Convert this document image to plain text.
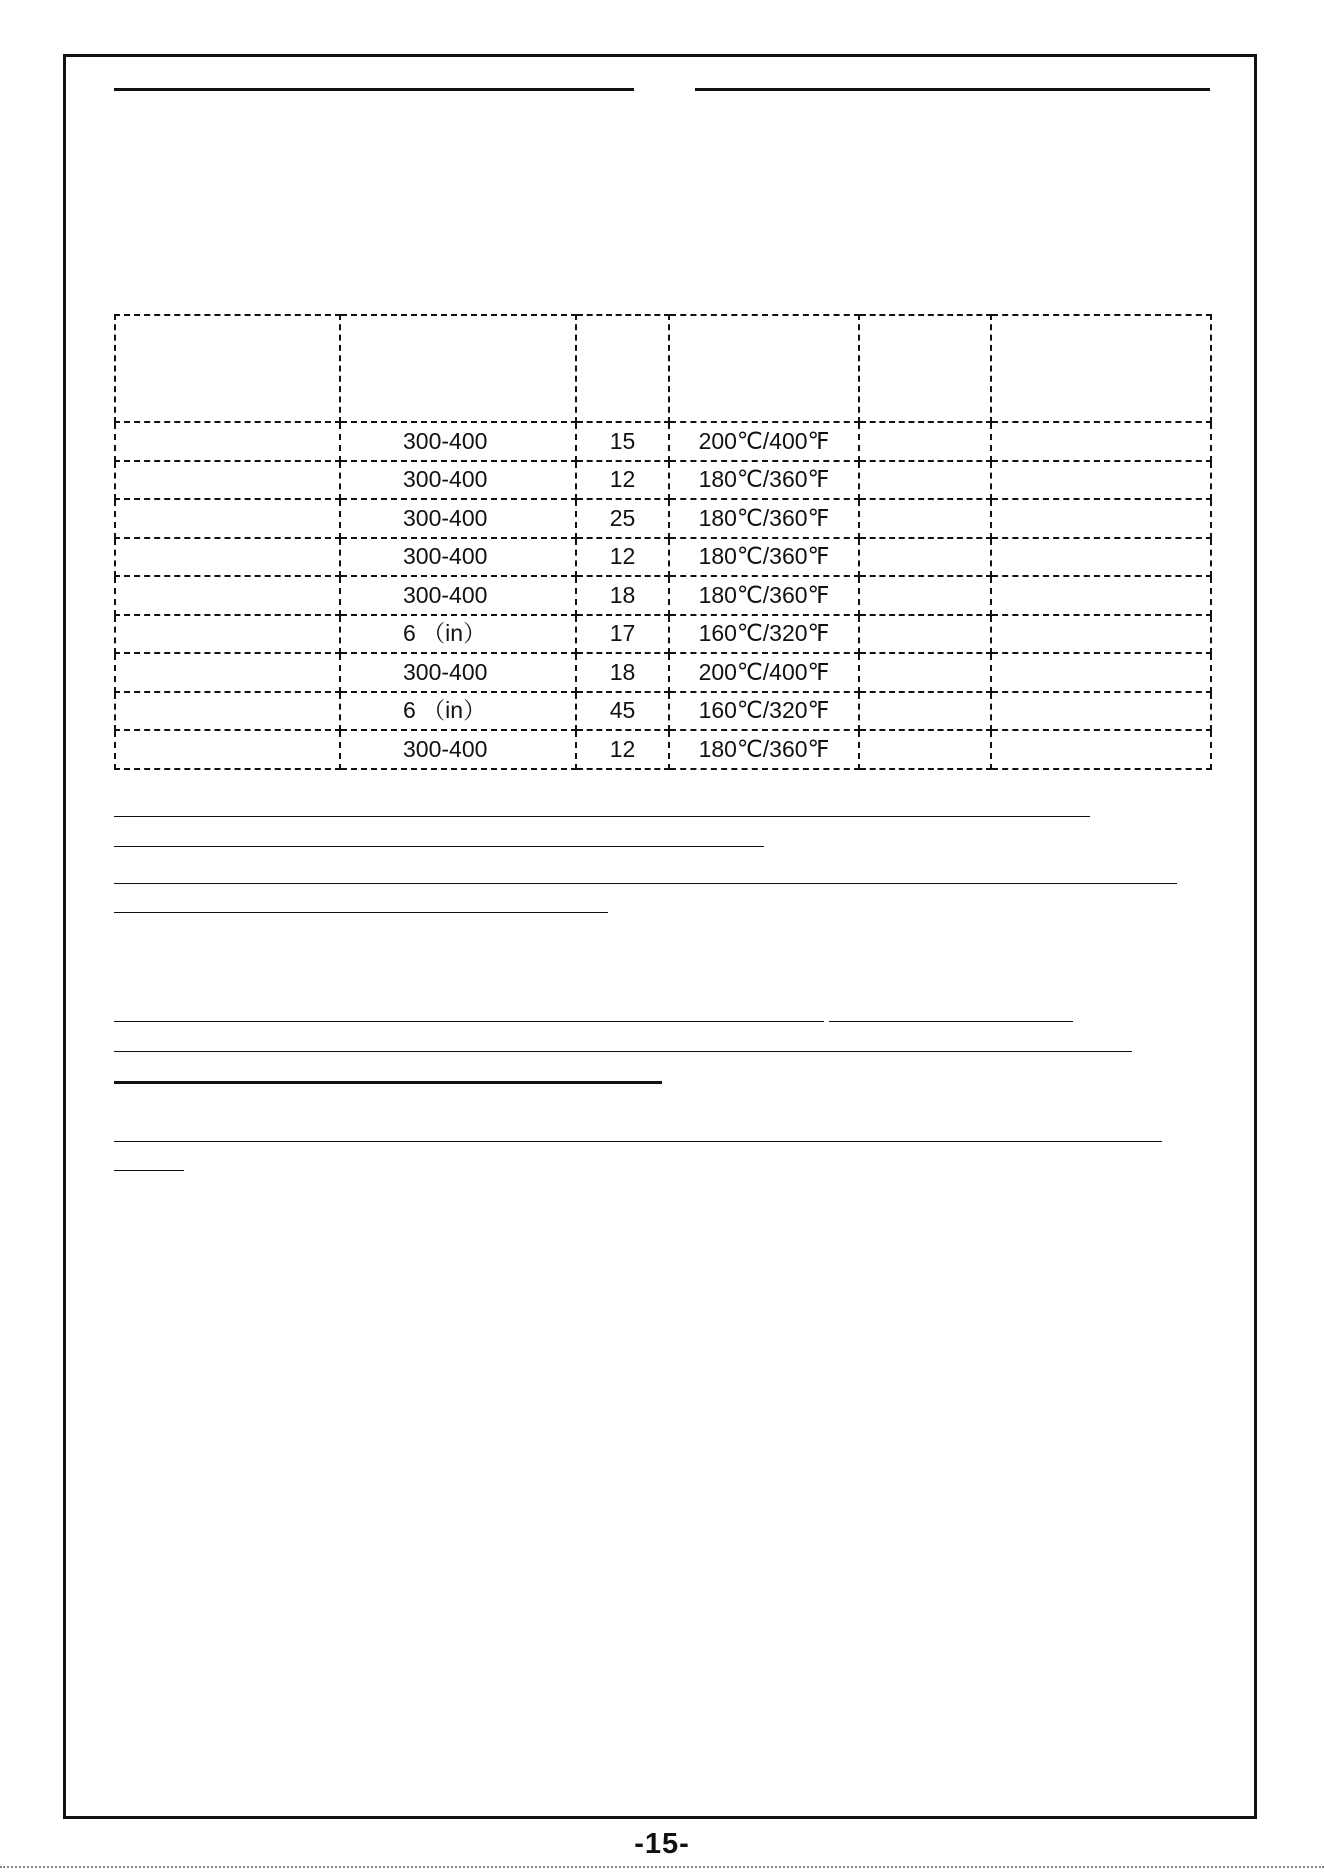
	300-400	15	200℃/400℉		
	300-400	12	180℃/360℉		
	300-400	25	180℃/360℉		
	300-400	12	180℃/360℉		
	300-400	18	180℃/360℉		
	6 （in）	17	160℃/320℉		
	300-400	18	200℃/400℉		
	6 （in）	45	160℃/320℉		
	300-400	12	180℃/360℉		
-15-
